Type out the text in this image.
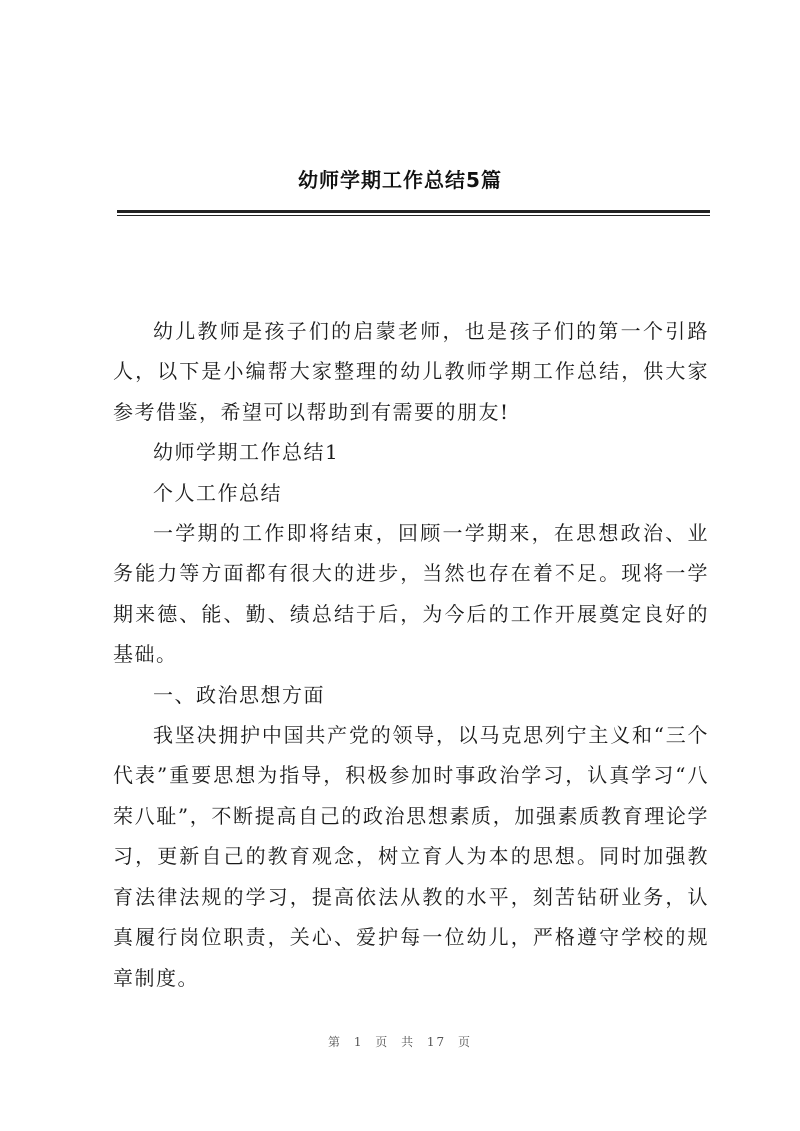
幼师学期工作总结5篇

幼儿教师是孩子们的启蒙老师，也是孩子们的第一个引路人，以下是小编帮大家整理的幼儿教师学期工作总结，供大家参考借鉴，希望可以帮助到有需要的朋友!

幼师学期工作总结1

个人工作总结

一学期的工作即将结束，回顾一学期来，在思想政治、业务能力等方面都有很大的进步，当然也存在着不足。现将一学期来德、能、勤、绩总结于后，为今后的工作开展奠定良好的基础。

一、政治思想方面

我坚决拥护中国共产党的领导，以马克思列宁主义和“三个代表”重要思想为指导，积极参加时事政治学习，认真学习“八荣八耻”，不断提高自己的政治思想素质，加强素质教育理论学习，更新自己的教育观念，树立育人为本的思想。同时加强教育法律法规的学习，提高依法从教的水平，刻苦钻研业务，认真履行岗位职责，关心、爱护每一位幼儿，严格遵守学校的规章制度。

第 1 页 共 17 页
